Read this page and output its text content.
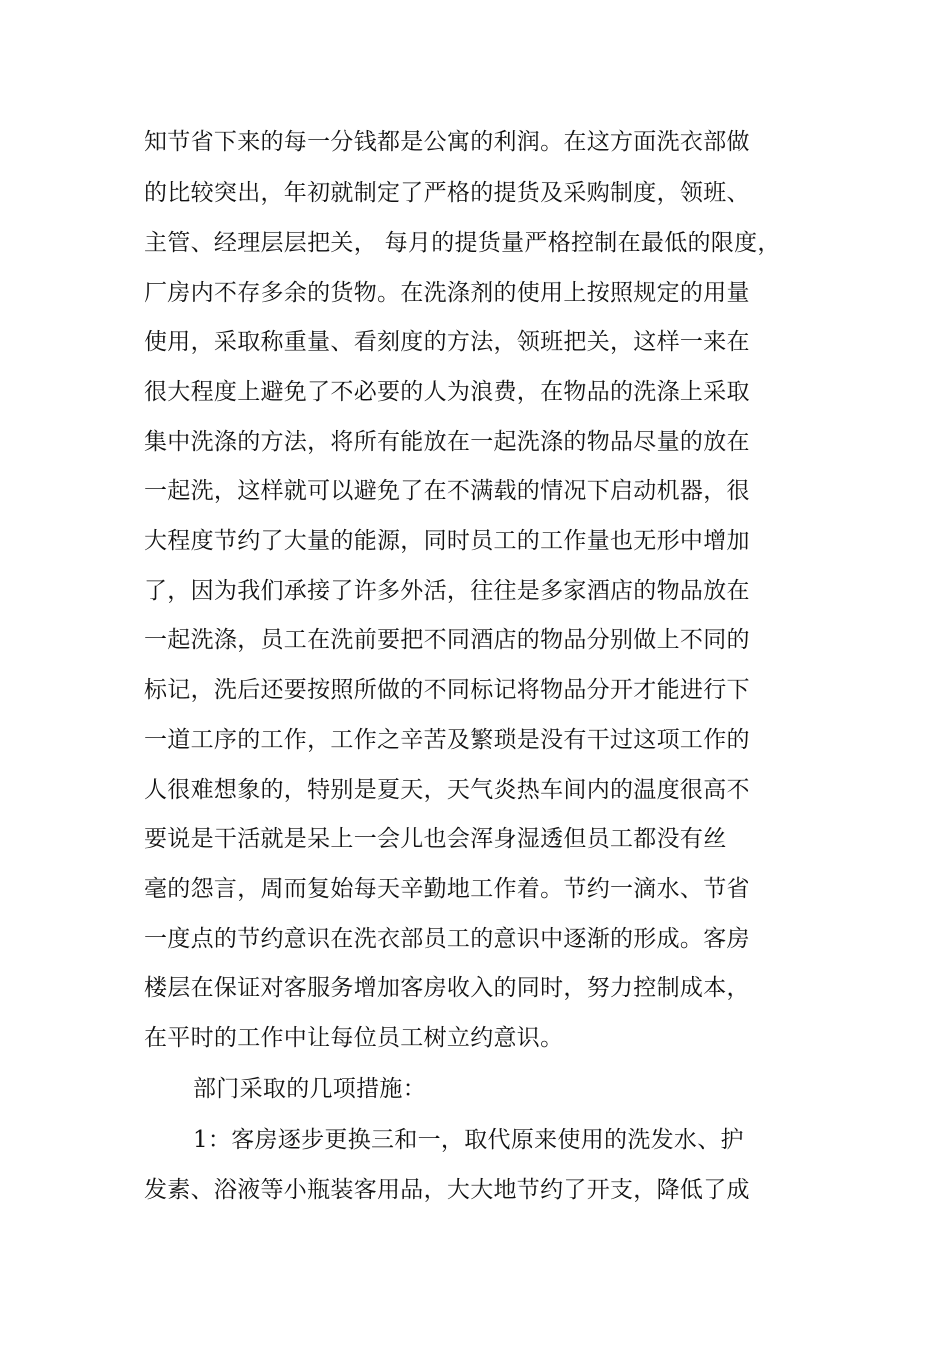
知节省下来的每一分钱都是公寓的利润。在这方面洗衣部做
的比较突出，年初就制定了严格的提货及采购制度，领班、
主管、经理层层把关， 每月的提货量严格控制在最低的限度，
厂房内不存多余的货物。在洗涤剂的使用上按照规定的用量
使用，采取称重量、看刻度的方法，领班把关，这样一来在
很大程度上避免了不必要的人为浪费，在物品的洗涤上采取
集中洗涤的方法，将所有能放在一起洗涤的物品尽量的放在
一起洗，这样就可以避免了在不满载的情况下启动机器，很
大程度节约了大量的能源，同时员工的工作量也无形中增加
了，因为我们承接了许多外活，往往是多家酒店的物品放在
一起洗涤，员工在洗前要把不同酒店的物品分别做上不同的
标记，洗后还要按照所做的不同标记将物品分开才能进行下
一道工序的工作，工作之辛苦及繁琐是没有干过这项工作的
人很难想象的，特别是夏天，天气炎热车间内的温度很高不
要说是干活就是呆上一会儿也会浑身湿透但员工都没有丝
毫的怨言，周而复始每天辛勤地工作着。节约一滴水、节省
一度点的节约意识在洗衣部员工的意识中逐渐的形成。客房
楼层在保证对客服务增加客房收入的同时，努力控制成本，
在平时的工作中让每位员工树立约意识。
部门采取的几项措施：
1：客房逐步更换三和一，取代原来使用的洗发水、护
发素、浴液等小瓶装客用品，大大地节约了开支，降低了成
